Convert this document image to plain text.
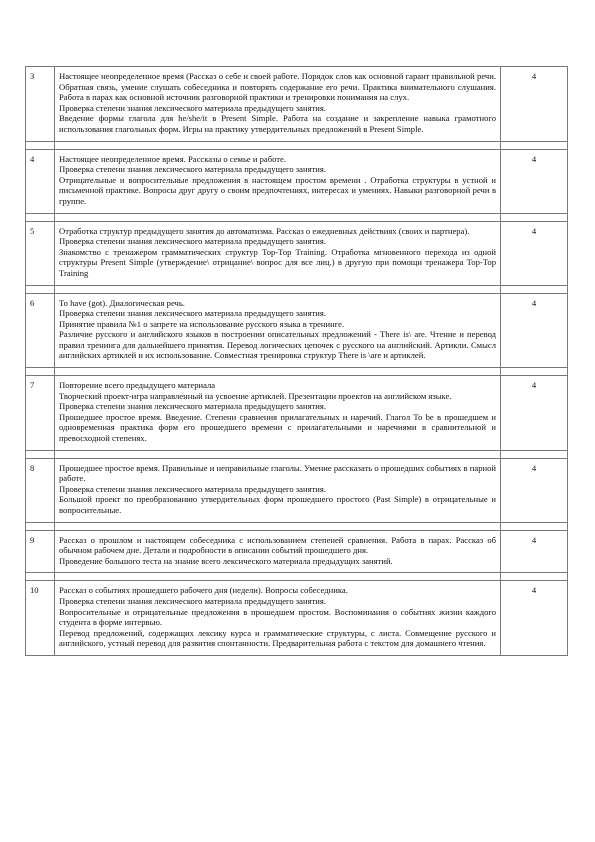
3	Настоящее неопределенное время (Рассказ о себе и своей работе. Порядок слов как основной гарант правильной речи. Обратная связь, умение слушать собеседника и повторять содержание его речи. Практика внимательного слушания. Работа в парах как основной источник разговорной практики и тренировки понимания на слух.
Проверка степени знания лексического материала предыдущего занятия.
Введение формы глагола для he/she/it в Present Simple. Работа на создание и закрепление навыка грамотного использования глагольных форм. Игры на практику утвердительных предложений в Present Simple.	4

4	Настоящее неопределенное время. Рассказы о семье и работе.
Проверка степени знания лексического материала предыдущего занятия.
Отрицательные и вопросительные предложения в настоящем простом времени . Отработка структуры в устной и письменной практике. Вопросы друг другу о своим предпочтениях, интересах и умениях. Навыки разговорной речи в группе.	4

5	Отработка структур предыдущего занятия до автоматизма. Рассказ о ежедневных действиях (своих и партнера).
Проверка степени знания лексического материала предыдущего занятия.
Знакомство с тренажером грамматических структур Top-Top Training. Отработка мгновенного перехода из одной структуры Present Simple (утверждение\ отрицание\ вопрос для все лиц.) в другую при помощи тренажера Top-Top Training	4

6	To have (got). Диалогическая речь.
Проверка степени знания лексического материала предыдущего занятия.
Принятие правила №1 о запрете на использование русского языка в тренинге.
Различие русского и английского языков в построении описательных предложений - There is\ are. Чтение и перевод правил тренинга для дальнейшего принятия. Перевод логических цепочек с русского на английский. Артикли. Смысл английских артиклей и их использование. Совместная тренировка структур There is \are и артиклей.	4

7	Повторение всего предыдущего материала
Творческий проект-игра направленный на усвоение артиклей. Презентации проектов на английском языке.
Проверка степени знания лексического материала предыдущего занятия.
Прошедшее простое время. Введение. Степени сравнения прилагательных и наречий. Глагол To be в прошедшем и одновременная практика форм его прошедшего времени с прилагательными и наречиями в сравнительной и превосходной степенях.	4

8	Прошедшее простое время. Правильные и неправильные глаголы. Умение рассказать о прошедших событиях в парной работе.
Проверка степени знания лексического материала предыдущего занятия.
Большой проект по преобразованию утвердительных форм прошедшего простого (Past Simple) в отрицательные и вопросительные.	4

9	Рассказ о прошлом и настоящем собеседника с использованием степеней сравнения. Работа в парах. Рассказ об обычном рабочем дне. Детали и подробности в описании событий прошедшего дня.
Проведение большого теста на знание всего лексического материала предыдущих занятий.	4

10	Рассказ о событиях прошедшего рабочего дня (недели). Вопросы собеседника.
Проверка степени знания лексического материала предыдущего занятия.
Вопросительные и отрицательные предложения в прошедшем простом. Воспоминания о событиях жизни каждого студента в форме интервью.
Перевод предложений, содержащих лексику курса и грамматические структуры, с листа. Совмещение русского и английского, устный перевод для развития спонтанности. Предварительная работа с текстом для домашнего чтения.	4
